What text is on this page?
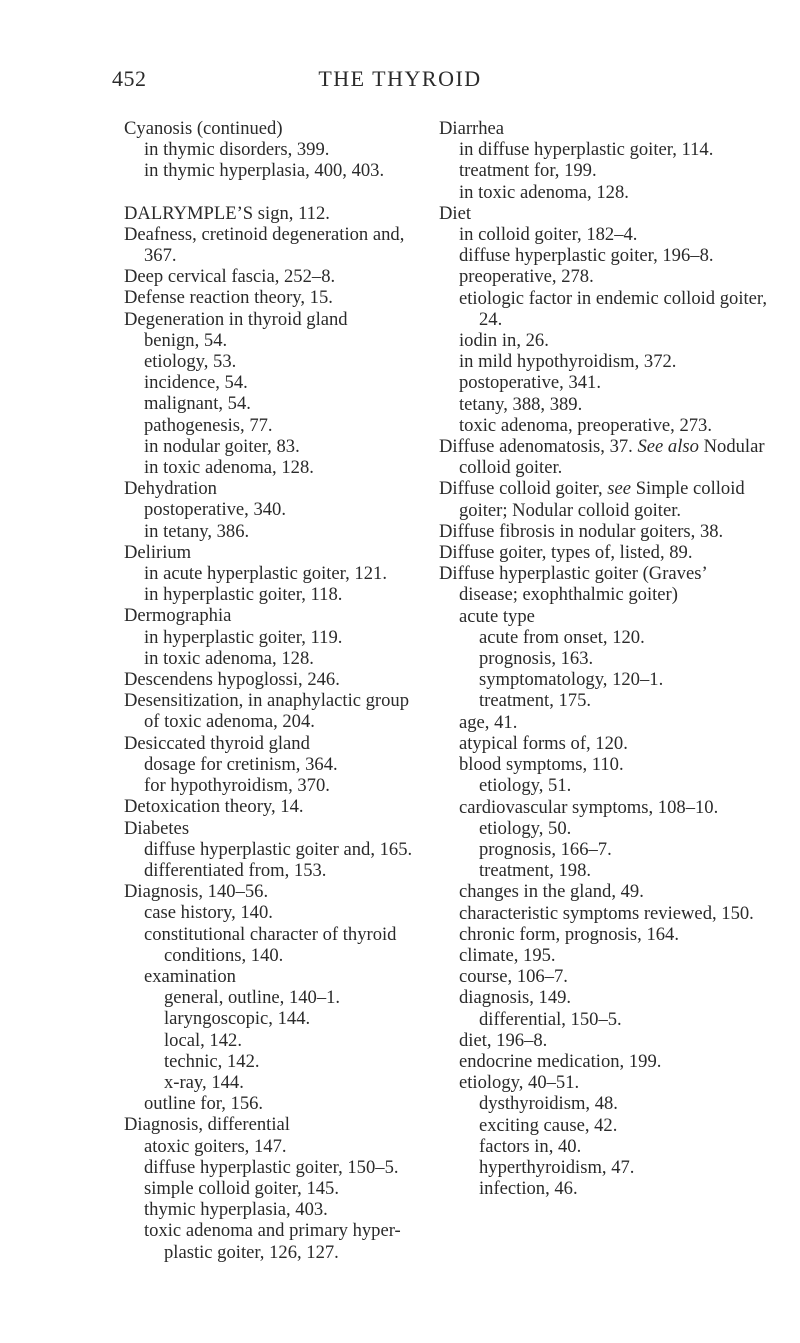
452	THE THYROID

Cyanosis (continued)

in thymic disorders, 399.

in thymic hyperplasia, 400, 403.

DALRYMPLE’S sign, 112.

Deafness, cretinoid degeneration and, 367.

Deep cervical fascia, 252–8.

Defense reaction theory, 15.

Degeneration in thyroid gland

benign, 54.

etiology, 53.

incidence, 54.

malignant, 54.

pathogenesis, 77.

in nodular goiter, 83.

in toxic adenoma, 128.

Dehydration

postoperative, 340.

in tetany, 386.

Delirium

in acute hyperplastic goiter, 121.

in hyperplastic goiter, 118.

Dermographia

in hyperplastic goiter, 119.

in toxic adenoma, 128.

Descendens hypoglossi, 246.

Desensitization, in anaphylactic group of toxic adenoma, 204.

Desiccated thyroid gland

dosage for cretinism, 364.

for hypothyroidism, 370.

Detoxication theory, 14.

Diabetes

diffuse hyperplastic goiter and, 165.

differentiated from, 153.

Diagnosis, 140–56.

case history, 140.

constitutional character of thyroid conditions, 140.

examination

general, outline, 140–1.

laryngoscopic, 144.

local, 142.

technic, 142.

x-ray, 144.

outline for, 156.

Diagnosis, differential

atoxic goiters, 147.

diffuse hyperplastic goiter, 150–5.

simple colloid goiter, 145.

thymic hyperplasia, 403.

toxic adenoma and primary hyper-plastic goiter, 126, 127.

Diarrhea

in diffuse hyperplastic goiter, 114.

treatment for, 199.

in toxic adenoma, 128.

Diet

in colloid goiter, 182–4.

diffuse hyperplastic goiter, 196–8.

preoperative, 278.

etiologic factor in endemic colloid goiter, 24.

iodin in, 26.

in mild hypothyroidism, 372.

postoperative, 341.

tetany, 388, 389.

toxic adenoma, preoperative, 273.

Diffuse adenomatosis, 37. See also Nodular colloid goiter.

Diffuse colloid goiter, see Simple colloid goiter; Nodular colloid goiter.

Diffuse fibrosis in nodular goiters, 38.

Diffuse goiter, types of, listed, 89.

Diffuse hyperplastic goiter (Graves’ disease; exophthalmic goiter)

acute type

acute from onset, 120.

prognosis, 163.

symptomatology, 120–1.

treatment, 175.

age, 41.

atypical forms of, 120.

blood symptoms, 110.

etiology, 51.

cardiovascular symptoms, 108–10.

etiology, 50.

prognosis, 166–7.

treatment, 198.

changes in the gland, 49.

characteristic symptoms reviewed, 150.

chronic form, prognosis, 164.

climate, 195.

course, 106–7.

diagnosis, 149.

differential, 150–5.

diet, 196–8.

endocrine medication, 199.

etiology, 40–51.

dysthyroidism, 48.

exciting cause, 42.

factors in, 40.

hyperthyroidism, 47.

infection, 46.
